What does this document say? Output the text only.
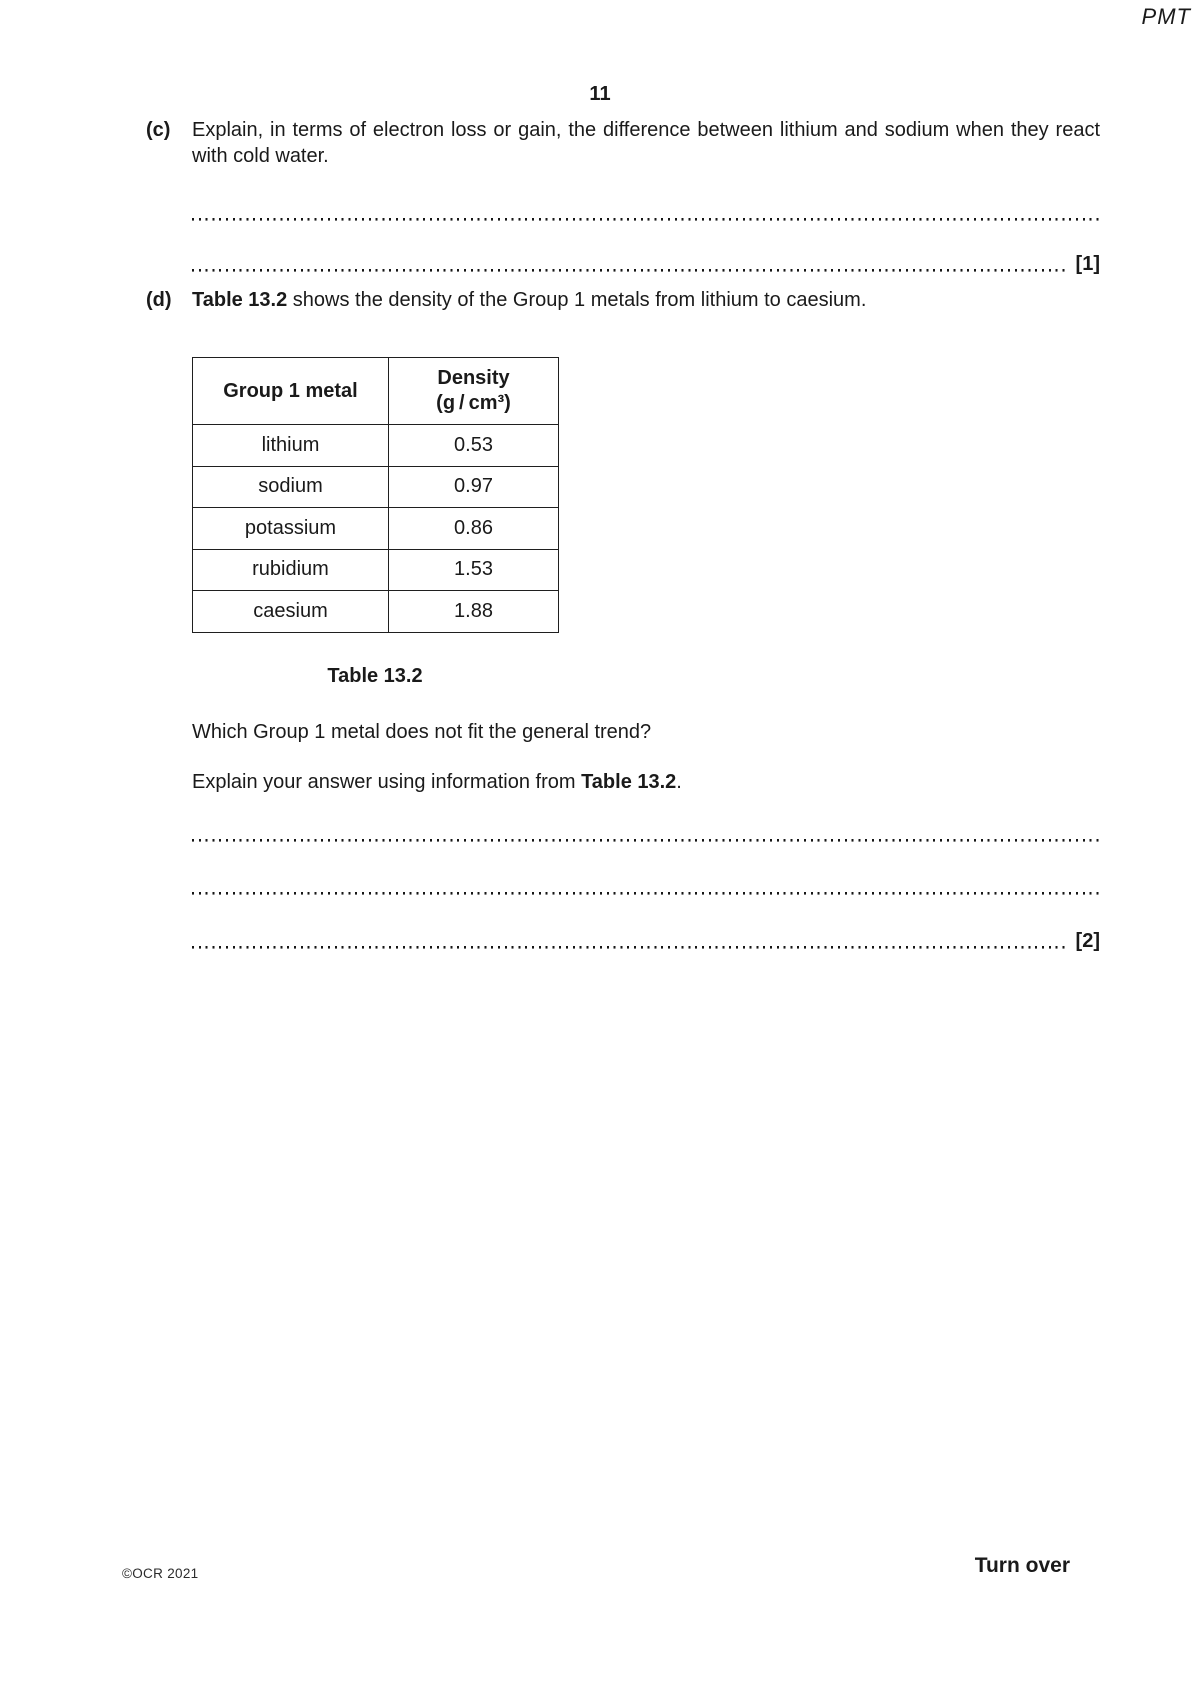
PMT
11
(c)	Explain, in terms of electron loss or gain, the difference between lithium and sodium when they react with cold water.
[1]
(d)	Table 13.2 shows the density of the Group 1 metals from lithium to caesium.
Group 1 metal	Density
(g / cm³)

lithium	0.53
sodium	0.97
potassium	0.86
rubidium	1.53
caesium	1.88
Table 13.2
Which Group 1 metal does not fit the general trend?
Explain your answer using information from Table 13.2.
[2]
©OCR 2021	Turn over
